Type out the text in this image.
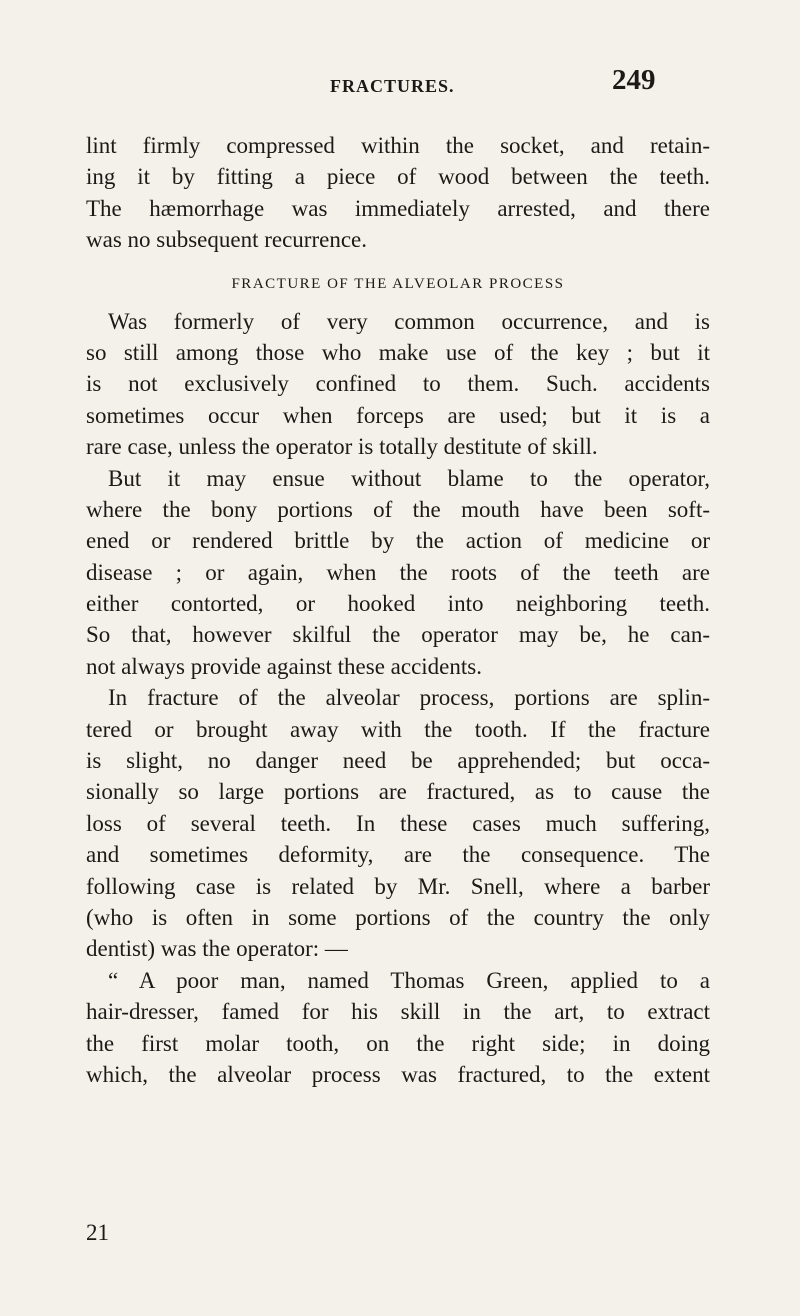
FRACTURES.	249
lint firmly compressed within the socket, and retain-
ing it by fitting a piece of wood between the teeth.
The hæmorrhage was immediately arrested, and there
was no subsequent recurrence.
FRACTURE OF THE ALVEOLAR PROCESS
Was formerly of very common occurrence, and is
so still among those who make use of the key ; but it
is not exclusively confined to them. Such. accidents
sometimes occur when forceps are used; but it is a
rare case, unless the operator is totally destitute of skill.
But it may ensue without blame to the operator,
where the bony portions of the mouth have been soft-
ened or rendered brittle by the action of medicine or
disease ; or again, when the roots of the teeth are
either contorted, or hooked into neighboring teeth.
So that, however skilful the operator may be, he can-
not always provide against these accidents.
In fracture of the alveolar process, portions are splin-
tered or brought away with the tooth. If the fracture
is slight, no danger need be apprehended; but occa-
sionally so large portions are fractured, as to cause the
loss of several teeth. In these cases much suffering,
and sometimes deformity, are the consequence. The
following case is related by Mr. Snell, where a barber
(who is often in some portions of the country the only
dentist) was the operator: —
“ A poor man, named Thomas Green, applied to a
hair-dresser, famed for his skill in the art, to extract
the first molar tooth, on the right side; in doing
which, the alveolar process was fractured, to the extent
21
